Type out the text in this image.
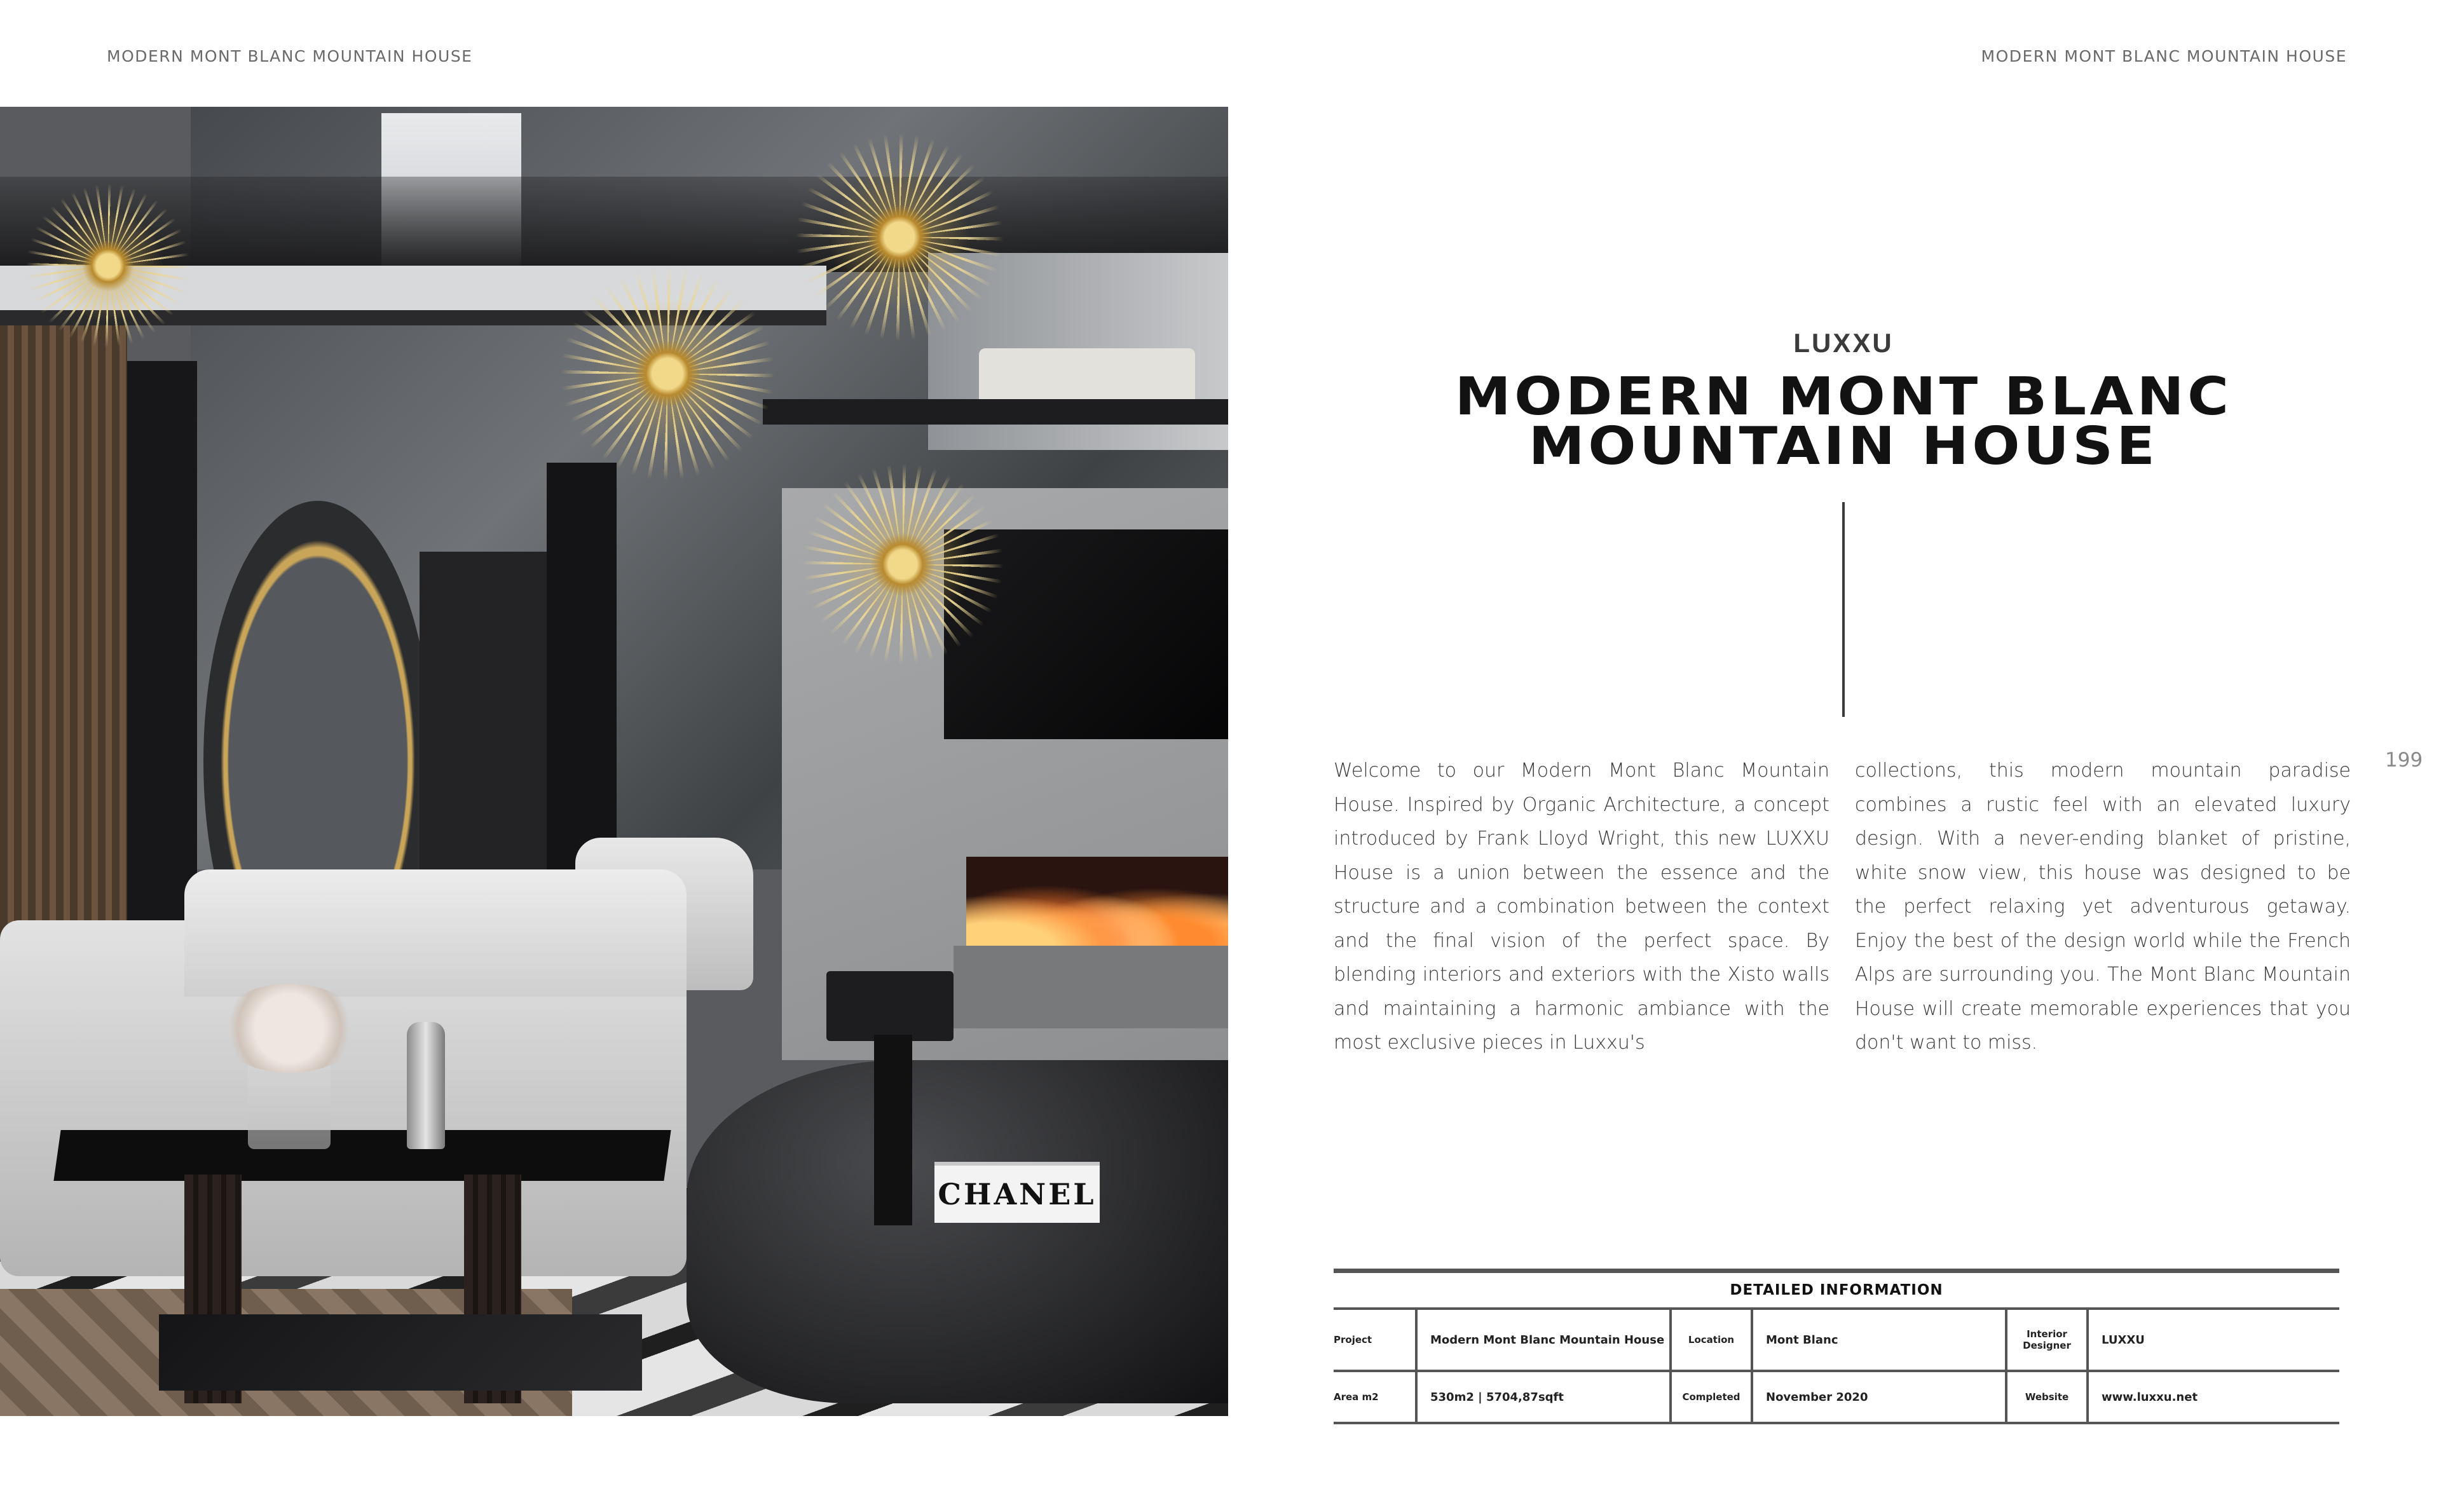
MODERN MONT BLANC MOUNTAIN HOUSE	MODERN MONT BLANC MOUNTAIN HOUSE
CHANEL
LUXXU
MODERN MONT BLANC
MOUNTAIN HOUSE
199

Welcome to our Modern Mont Blanc Mountain House. Inspired by Organic Architecture, a concept introduced by Frank Lloyd Wright, this new LUXXU House is a union between the essence and the structure and a combination between the context and the final vision of the perfect space. By blending interiors and exteriors with the Xisto walls and maintaining a harmonic ambiance with the most exclusive pieces in Luxxu's

collections, this modern mountain paradise combines a rustic feel with an elevated luxury design. With a never-ending blanket of pristine, white snow view, this house was designed to be the perfect relaxing yet adventurous getaway. Enjoy the best of the design world while the French Alps are surrounding you. The Mont Blanc Mountain House will create memorable experiences that you don't want to miss.

DETAILED INFORMATION
Project	Modern Mont Blanc Mountain House	Location	Mont Blanc	Interior Designer	LUXXU
Area m2	530m2 | 5704,87sqft	Completed	November 2020	Website	www.luxxu.net
